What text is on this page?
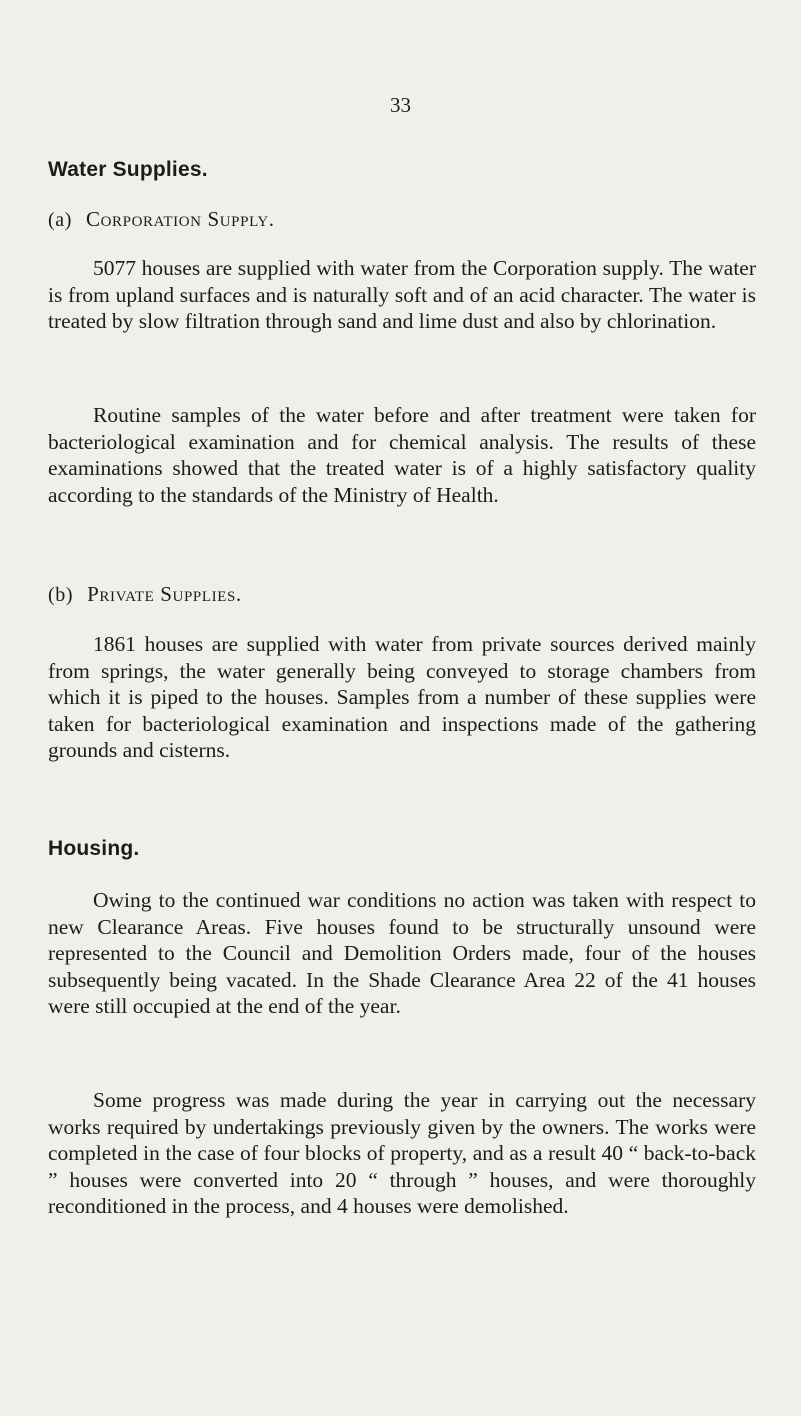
33

Water Supplies.

(a) Corporation Supply.

5077 houses are supplied with water from the Corporation supply. The water is from upland surfaces and is naturally soft and of an acid character. The water is treated by slow filtration through sand and lime dust and also by chlorination.

Routine samples of the water before and after treatment were taken for bacteriological examination and for chemical analysis. The results of these examinations showed that the treated water is of a highly satisfactory quality according to the standards of the Ministry of Health.

(b) Private Supplies.

1861 houses are supplied with water from private sources derived mainly from springs, the water generally being conveyed to storage chambers from which it is piped to the houses. Samples from a number of these supplies were taken for bacteriological examination and inspections made of the gathering grounds and cisterns.

Housing.

Owing to the continued war conditions no action was taken with respect to new Clearance Areas. Five houses found to be structurally unsound were represented to the Council and Demolition Orders made, four of the houses subsequently being vacated. In the Shade Clearance Area 22 of the 41 houses were still occupied at the end of the year.

Some progress was made during the year in carrying out the necessary works required by undertakings previously given by the owners. The works were completed in the case of four blocks of property, and as a result 40 “ back-to-back ” houses were converted into 20 “ through ” houses, and were thoroughly reconditioned in the process, and 4 houses were demolished.
